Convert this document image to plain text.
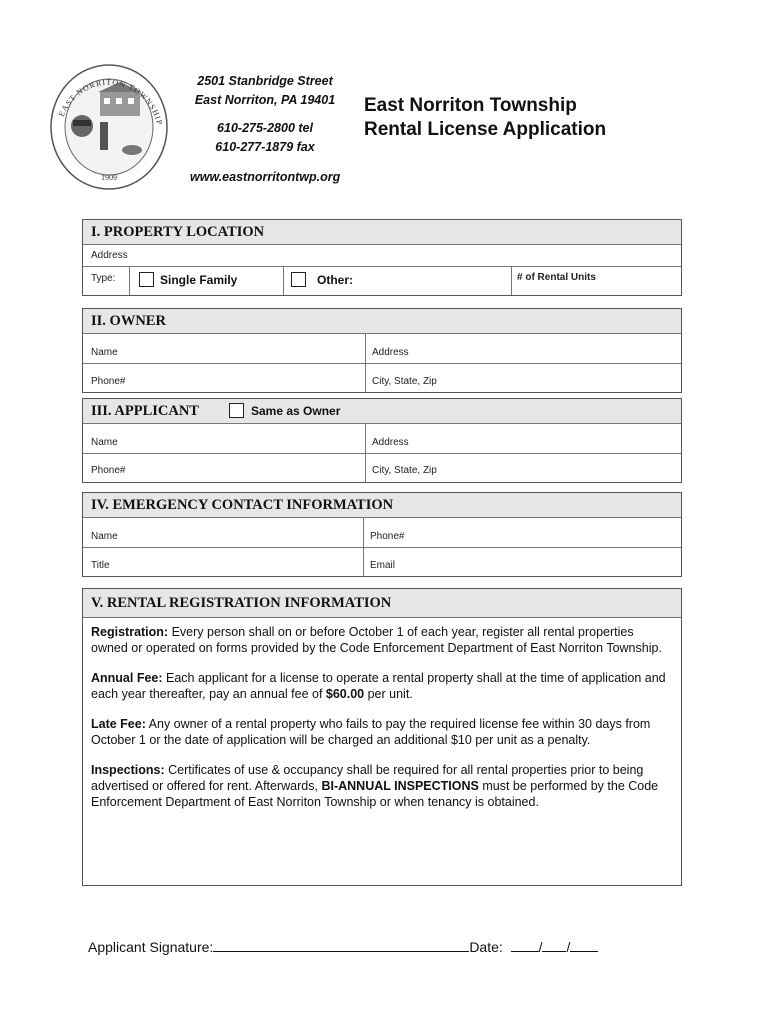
1909
EAST NORRITON TOWNSHIP
2501 Stanbridge Street
East Norriton, PA 19401
610-275-2800 tel
610-277-1879 fax
www.eastnorritontwp.org
East Norriton Township
Rental License Application
I. PROPERTY LOCATION
Address
Type:	Single Family	Other:	# of Rental Units
II. OWNER
Name	Address
Phone#	City, State, Zip
III. APPLICANT	Same as Owner
Name	Address
Phone#	City, State, Zip
IV. EMERGENCY CONTACT INFORMATION
Name	Phone#
Title	Email
V. RENTAL REGISTRATION INFORMATION

Registration: Every person shall on or before October 1 of each year, register all rental properties owned or operated on forms provided by the Code Enforcement Department of East Norriton Township.

Annual Fee: Each applicant for a license to operate a rental property shall at the time of application and each year thereafter, pay an annual fee of $60.00 per unit.

Late Fee: Any owner of a rental property who fails to pay the required license fee within 30 days from October 1 or the date of application will be charged an additional $10 per unit as a penalty.

Inspections: Certificates of use & occupancy shall be required for all rental properties prior to being advertised or offered for rent. Afterwards, BI-ANNUAL INSPECTIONS must be performed by the Code Enforcement Department of East Norriton Township or when tenancy is obtained.

Applicant Signature:	Date:	/ /
